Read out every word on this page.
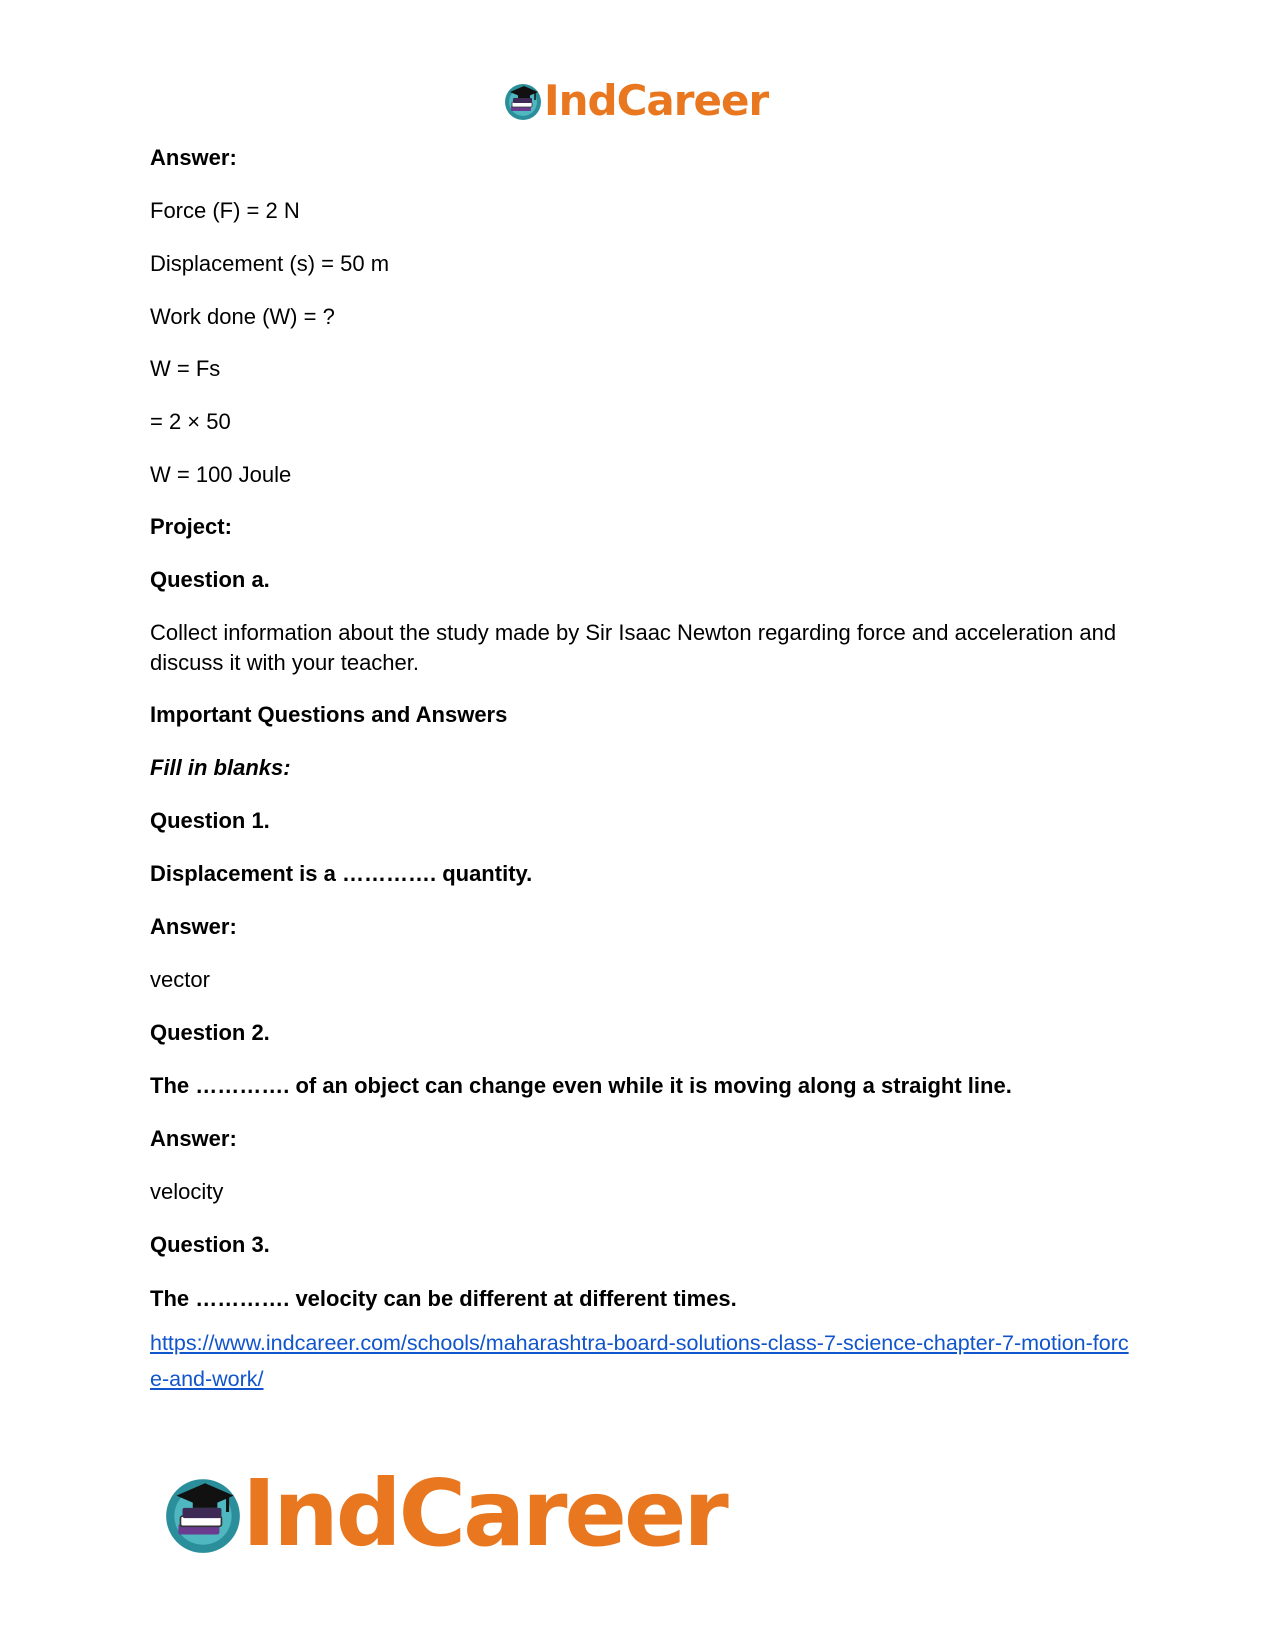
IndCareer

Answer:

Force (F) = 2 N

Displacement (s) = 50 m

Work done (W) = ?

W = Fs

= 2 × 50

W = 100 Joule

Project:

Question a.

Collect information about the study made by Sir Isaac Newton regarding force and acceleration and discuss it with your teacher.

Important Questions and Answers

Fill in blanks:

Question 1.

Displacement is a …………. quantity.

Answer:

vector

Question 2.

The …………. of an object can change even while it is moving along a straight line.

Answer:

velocity

Question 3.

The …………. velocity can be different at different times.

https://www.indcareer.com/schools/maharashtra-board-solutions-class-7-science-chapter-7-motion-force-and-work/
IndCareer
